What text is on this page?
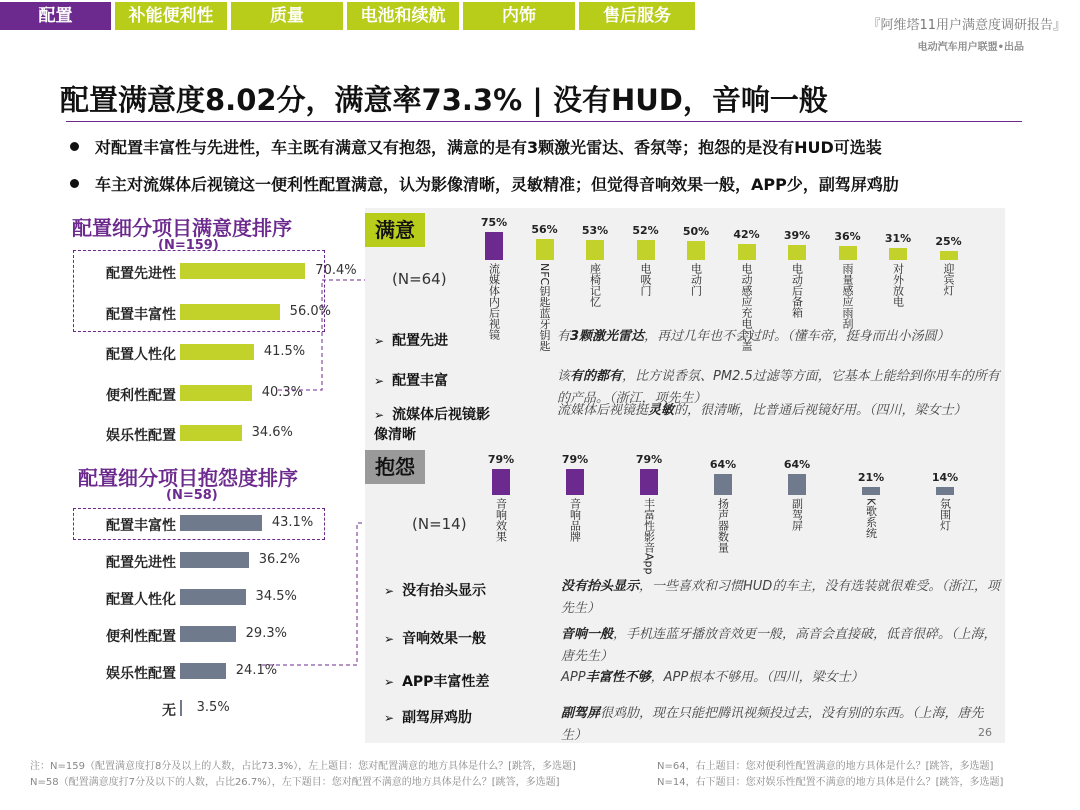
配置	补能便利性	质量	电池和续航	内饰	售后服务	『阿维塔11用户满意度调研报告』
电动汽车用户联盟•出品
配置满意度8.02分，满意率73.3% | 没有HUD，音响一般
对配置丰富性与先进性，车主既有满意又有抱怨，满意的是有3颗激光雷达、香氛等；抱怨的是没有HUD可选装
车主对流媒体后视镜这一便利性配置满意，认为影像清晰，灵敏精准；但觉得音响效果一般，APP少，副驾屏鸡肋
配置细分项目满意度排序
(N=159)
配置先进性	70.4%
配置丰富性	56.0%
配置人性化	41.5%
便利性配置	40.3%
娱乐性配置	34.6%
配置细分项目抱怨度排序
(N=58)
配置丰富性	43.1%
配置先进性	36.2%
配置人性化	34.5%
便利性配置	29.3%
娱乐性配置	24.1%
无 3.5%
满意
(N=64)
75%
流媒体内后视镜
56%
NFC钥匙蓝牙钥匙
53%
座椅记忆
52%
电吸门
50%
电动门
42%
电动感应充电口盖
39%
电动后备箱
36%
雨量感应雨刮
31%
对外放电
25%
迎宾灯
➢ 配置先进	有3颗激光雷达，再过几年也不会过时。（懂车帝，挺身而出小汤圆）
➢ 配置丰富	该有的都有，比方说香氛、PM2.5过滤等方面，它基本上能给到你用车的所有的产品。（浙江，项先生）
➢ 流媒体后视镜影像清晰
流媒体后视镜挺灵敏的，很清晰，比普通后视镜好用。（四川，梁女士）
抱怨
(N=14)
79%
音响效果
79%
音响品牌
79%
丰富性影音App
64%
扬声器数量
64%
副驾屏
21%
K歌系统
14%
氛围灯
➢ 没有抬头显示	没有抬头显示，一些喜欢和习惯HUD的车主，没有选装就很难受。（浙江，项先生）
➢ 音响效果一般	音响一般，手机连蓝牙播放音效更一般，高音会直接破，低音很碎。（上海，唐先生）
➢ APP丰富性差	APP丰富性不够，APP根本不够用。（四川，梁女士）
➢ 副驾屏鸡肋	副驾屏很鸡肋，现在只能把腾讯视频投过去，没有别的东西。（上海，唐先生）	26
注：N=159（配置满意度打8分及以上的人数，占比73.3%），左上题目：您对配置满意的地方具体是什么？[跳答，多选题]	N=64，右上题目：您对便利性配置满意的地方具体是什么？[跳答，多选题]
N=58（配置满意度打7分及以下的人数，占比26.7%），左下题目：您对配置不满意的地方具体是什么？[跳答，多选题]	N=14，右下题目：您对娱乐性配置不满意的地方具体是什么？[跳答，多选题]
